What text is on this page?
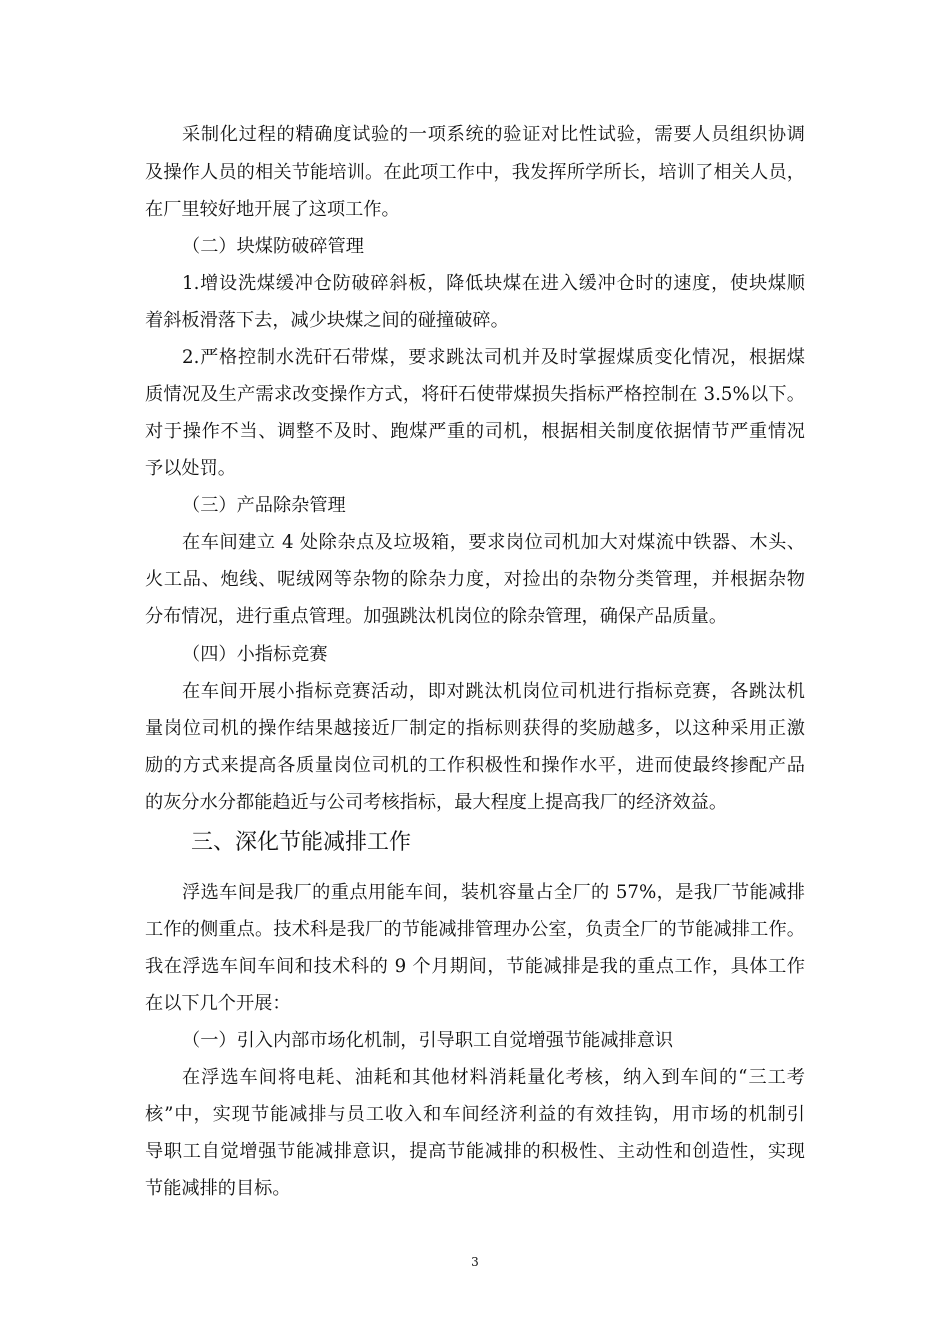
采制化过程的精确度试验的一项系统的验证对比性试验，需要人员组织协调
及操作人员的相关节能培训。在此项工作中，我发挥所学所长，培训了相关人员，
在厂里较好地开展了这项工作。
（二）块煤防破碎管理
1.增设洗煤缓冲仓防破碎斜板，降低块煤在进入缓冲仓时的速度，使块煤顺
着斜板滑落下去，减少块煤之间的碰撞破碎。
2.严格控制水洗矸石带煤，要求跳汰司机并及时掌握煤质变化情况，根据煤
质情况及生产需求改变操作方式，将矸石使带煤损失指标严格控制在 3.5%以下。
对于操作不当、调整不及时、跑煤严重的司机，根据相关制度依据情节严重情况
予以处罚。
（三）产品除杂管理
在车间建立 4 处除杂点及垃圾箱，要求岗位司机加大对煤流中铁器、木头、
火工品、炮线、呢绒网等杂物的除杂力度，对捡出的杂物分类管理，并根据杂物
分布情况，进行重点管理。加强跳汰机岗位的除杂管理，确保产品质量。
（四）小指标竞赛
在车间开展小指标竞赛活动，即对跳汰机岗位司机进行指标竞赛，各跳汰机
量岗位司机的操作结果越接近厂制定的指标则获得的奖励越多，以这种采用正激
励的方式来提高各质量岗位司机的工作积极性和操作水平，进而使最终掺配产品
的灰分水分都能趋近与公司考核指标，最大程度上提高我厂的经济效益。
三、深化节能减排工作
浮选车间是我厂的重点用能车间，装机容量占全厂的 57%，是我厂节能减排
工作的侧重点。技术科是我厂的节能减排管理办公室，负责全厂的节能减排工作。
我在浮选车间车间和技术科的 9 个月期间，节能减排是我的重点工作，具体工作
在以下几个开展：
（一）引入内部市场化机制，引导职工自觉增强节能减排意识
在浮选车间将电耗、油耗和其他材料消耗量化考核，纳入到车间的“三工考
核”中，实现节能减排与员工收入和车间经济利益的有效挂钩，用市场的机制引
导职工自觉增强节能减排意识，提高节能减排的积极性、主动性和创造性，实现
节能减排的目标。
3
